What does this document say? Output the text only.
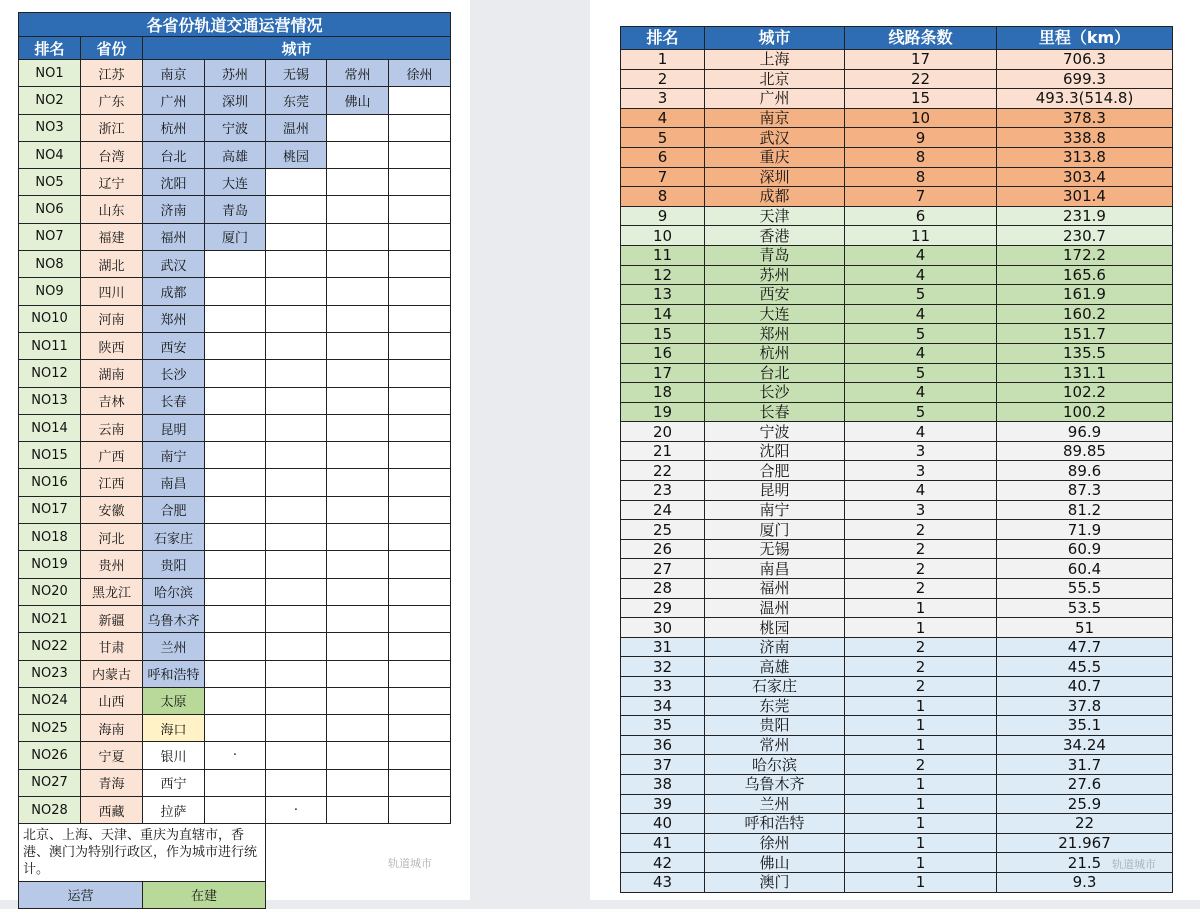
各省份轨道交通运营情况						
排名	省份	城市				
NO1	江苏	南京	苏州	无锡	常州	徐州
NO2	广东	广州	深圳	东莞	佛山	
NO3	浙江	杭州	宁波	温州		
NO4	台湾	台北	高雄	桃园		
NO5	辽宁	沈阳	大连			
NO6	山东	济南	青岛			
NO7	福建	福州	厦门			
NO8	湖北	武汉				
NO9	四川	成都				
NO10	河南	郑州				
NO11	陕西	西安				
NO12	湖南	长沙				
NO13	吉林	长春				
NO14	云南	昆明				
NO15	广西	南宁				
NO16	江西	南昌				
NO17	安徽	合肥				
NO18	河北	石家庄				
NO19	贵州	贵阳				
NO20	黑龙江	哈尔滨				
NO21	新疆	乌鲁木齐				
NO22	甘肃	兰州				
NO23	内蒙古	呼和浩特				
NO24	山西	太原				
NO25	海南	海口				
NO26	宁夏	银川	·			
NO27	青海	西宁				
NO28	西藏	拉萨		·		
北京、上海、天津、重庆为直辖市，香港、澳门为特别行政区，作为城市进行统计。						
运营		在建				
轨道城市
排名	城市	线路条数	里程（km）
1	上海	17	706.3
2	北京	22	699.3
3	广州	15	493.3(514.8)
4	南京	10	378.3
5	武汉	9	338.8
6	重庆	8	313.8
7	深圳	8	303.4
8	成都	7	301.4
9	天津	6	231.9
10	香港	11	230.7
11	青岛	4	172.2
12	苏州	4	165.6
13	西安	5	161.9
14	大连	4	160.2
15	郑州	5	151.7
16	杭州	4	135.5
17	台北	5	131.1
18	长沙	4	102.2
19	长春	5	100.2
20	宁波	4	96.9
21	沈阳	3	89.85
22	合肥	3	89.6
23	昆明	4	87.3
24	南宁	3	81.2
25	厦门	2	71.9
26	无锡	2	60.9
27	南昌	2	60.4
28	福州	2	55.5
29	温州	1	53.5
30	桃园	1	51
31	济南	2	47.7
32	高雄	2	45.5
33	石家庄	2	40.7
34	东莞	1	37.8
35	贵阳	1	35.1
36	常州	1	34.24
37	哈尔滨	2	31.7
38	乌鲁木齐	1	27.6
39	兰州	1	25.9
40	呼和浩特	1	22
41	徐州	1	21.967
42	佛山	1	21.5
43	澳门	1	9.3
轨道城市
